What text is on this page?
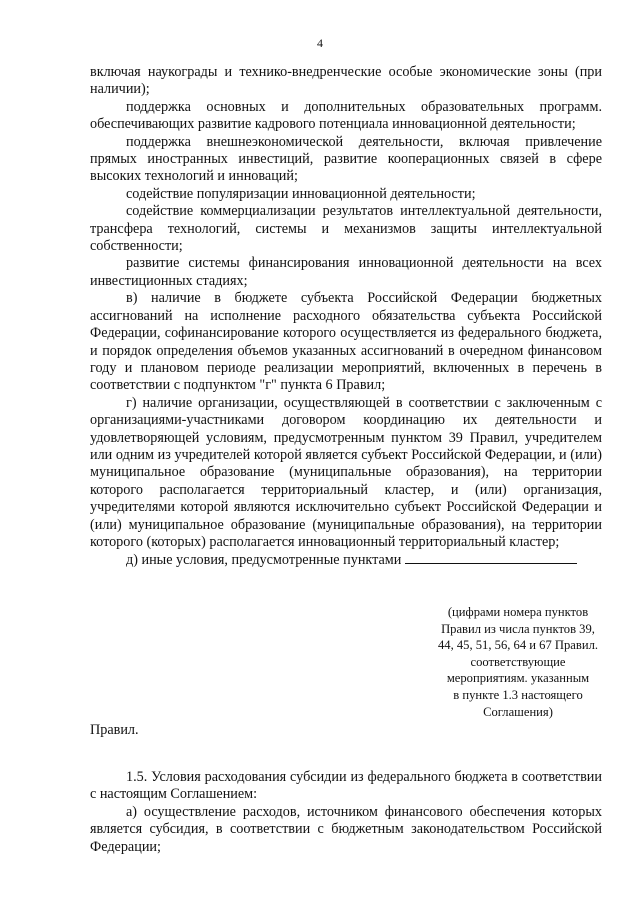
4

включая наукограды и технико-внедренческие особые экономические зоны (при наличии);

поддержка основных и дополнительных образовательных программ. обеспечивающих развитие кадрового потенциала инновационной деятельности;

поддержка внешнеэкономической деятельности, включая привлечение прямых иностранных инвестиций, развитие кооперационных связей в сфере высоких технологий и инноваций;

содействие популяризации инновационной деятельности;

содействие коммерциализации результатов интеллектуальной деятельности, трансфера технологий, системы и механизмов защиты интеллектуальной собственности;

развитие системы финансирования инновационной деятельности на всех инвестиционных стадиях;

в) наличие в бюджете субъекта Российской Федерации бюджетных ассигнований на исполнение расходного обязательства субъекта Российской Федерации, софинансирование которого осуществляется из федерального бюджета, и порядок определения объемов указанных ассигнований в очередном финансовом году и плановом периоде реализации мероприятий, включенных в перечень в соответствии с подпунктом "г" пункта 6 Правил;

г) наличие организации, осуществляющей в соответствии с заключенным с организациями-участниками договором координацию их деятельности и удовлетворяющей условиям, предусмотренным пунктом 39 Правил, учредителем или одним из учредителей которой является субъект Российской Федерации, и (или) муниципальное образование (муниципальные образования), на территории которого располагается территориальный кластер, и (или) организация, учредителями которой являются исключительно субъект Российской Федерации и (или) муниципальное образование (муниципальные образования), на территории которого (которых) располагается инновационный территориальный кластер;

д) иные условия, предусмотренные пунктами

(цифрами номера пунктов
Правил из числа пунктов 39,
44, 45, 51, 56, 64 и 67 Правил.
соответствующие
мероприятиям. указанным
в пункте 1.3 настоящего
Соглашения)
Правил.

1.5. Условия расходования субсидии из федерального бюджета в соответствии с настоящим Соглашением:

а) осуществление расходов, источником финансового обеспечения которых является субсидия, в соответствии с бюджетным законодательством Российской Федерации;
